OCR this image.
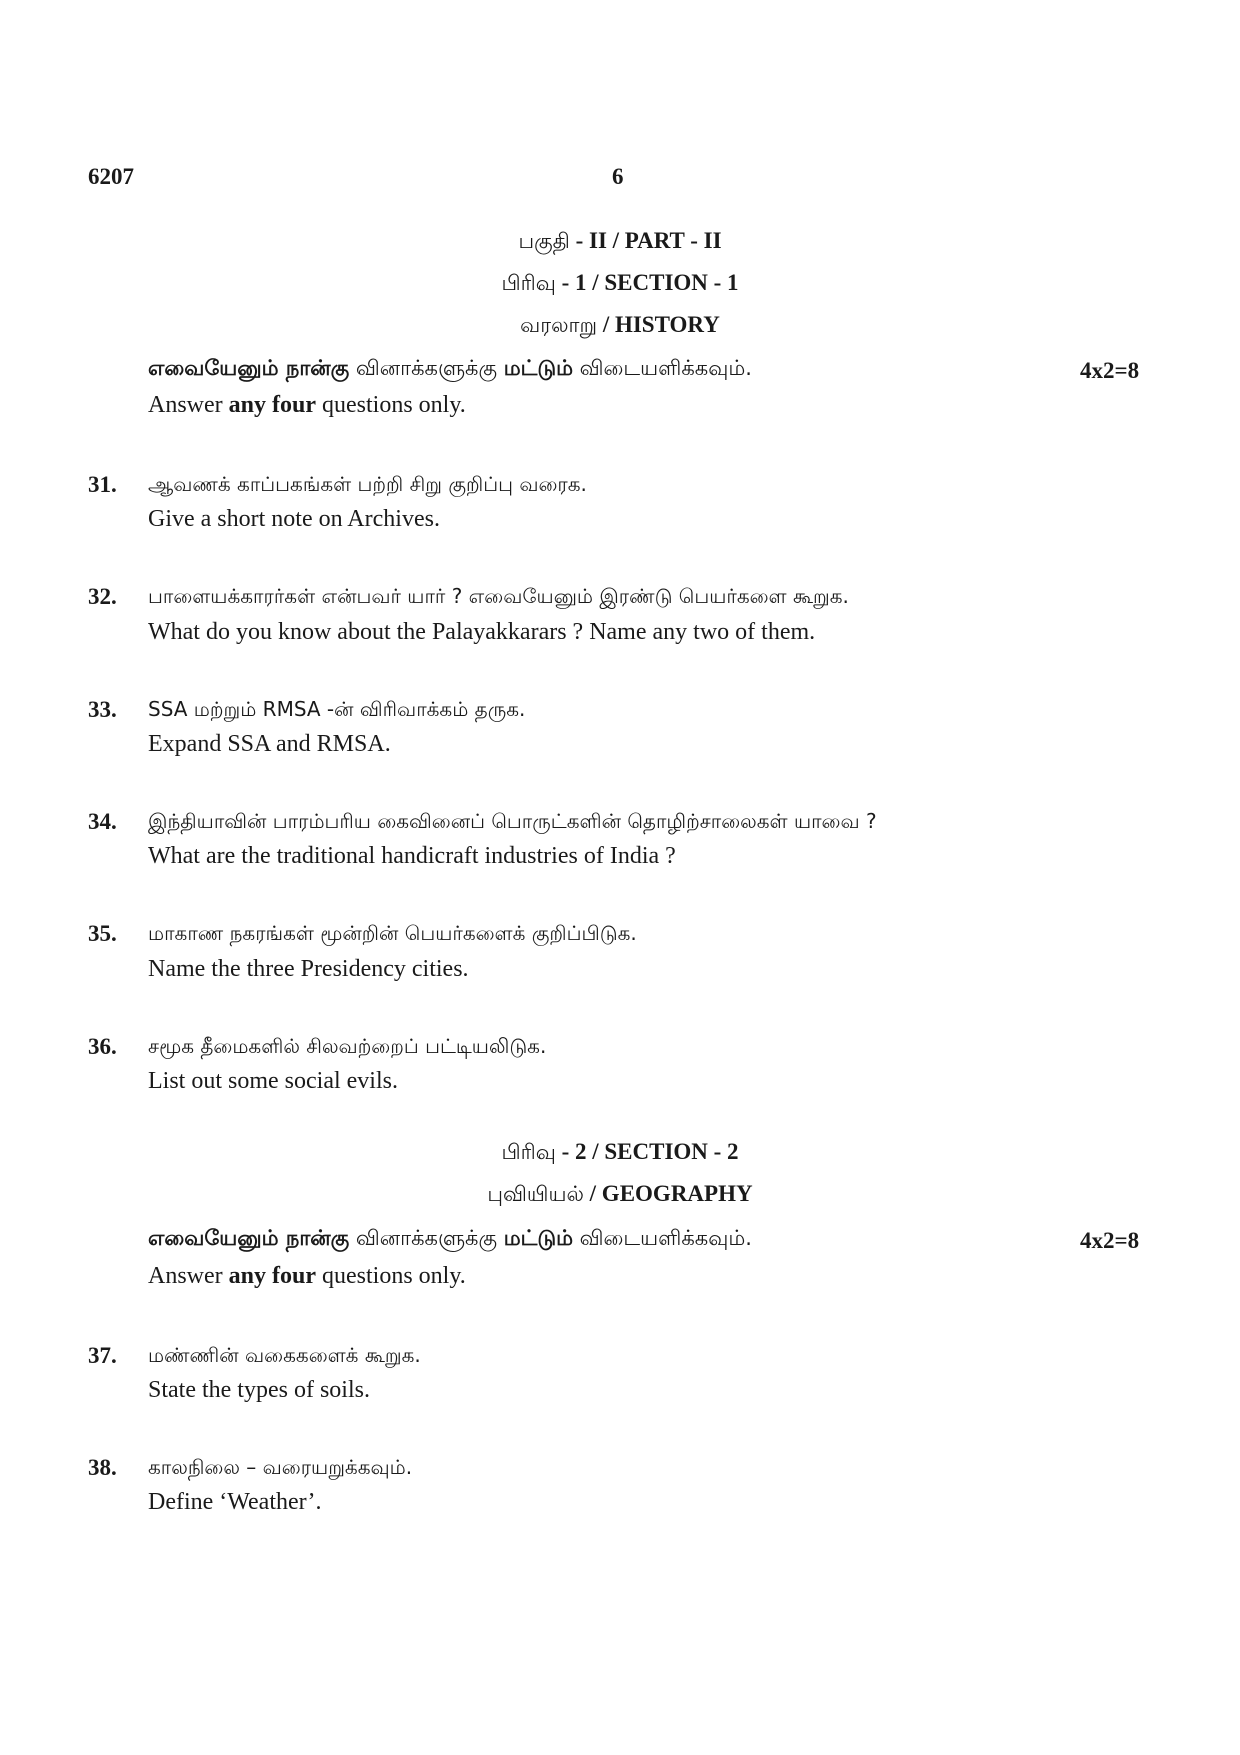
6207	6
பகுதி - II / PART - II
பிரிவு - 1 / SECTION - 1
வரலாறு / HISTORY
எவையேனும் நான்கு வினாக்களுக்கு மட்டும் விடையளிக்கவும்.	4x2=8
Answer any four questions only.
31. ஆவணக் காப்பகங்கள் பற்றி சிறு குறிப்பு வரைக.
Give a short note on Archives.
32. பாளையக்காரர்கள் என்பவர் யார் ? எவையேனும் இரண்டு பெயர்களை கூறுக.
What do you know about the Palayakkarars ? Name any two of them.
33. SSA மற்றும் RMSA -ன் விரிவாக்கம் தருக.
Expand SSA and RMSA.
34. இந்தியாவின் பாரம்பரிய கைவினைப் பொருட்களின் தொழிற்சாலைகள் யாவை ?
What are the traditional handicraft industries of India ?
35. மாகாண நகரங்கள் மூன்றின் பெயர்களைக் குறிப்பிடுக.
Name the three Presidency cities.
36. சமூக தீமைகளில் சிலவற்றைப் பட்டியலிடுக.
List out some social evils.
பிரிவு - 2 / SECTION - 2
புவியியல் / GEOGRAPHY
எவையேனும் நான்கு வினாக்களுக்கு மட்டும் விடையளிக்கவும்.	4x2=8
Answer any four questions only.
37. மண்ணின் வகைகளைக் கூறுக.
State the types of soils.
38. காலநிலை – வரையறுக்கவும்.
Define ‘Weather’.
